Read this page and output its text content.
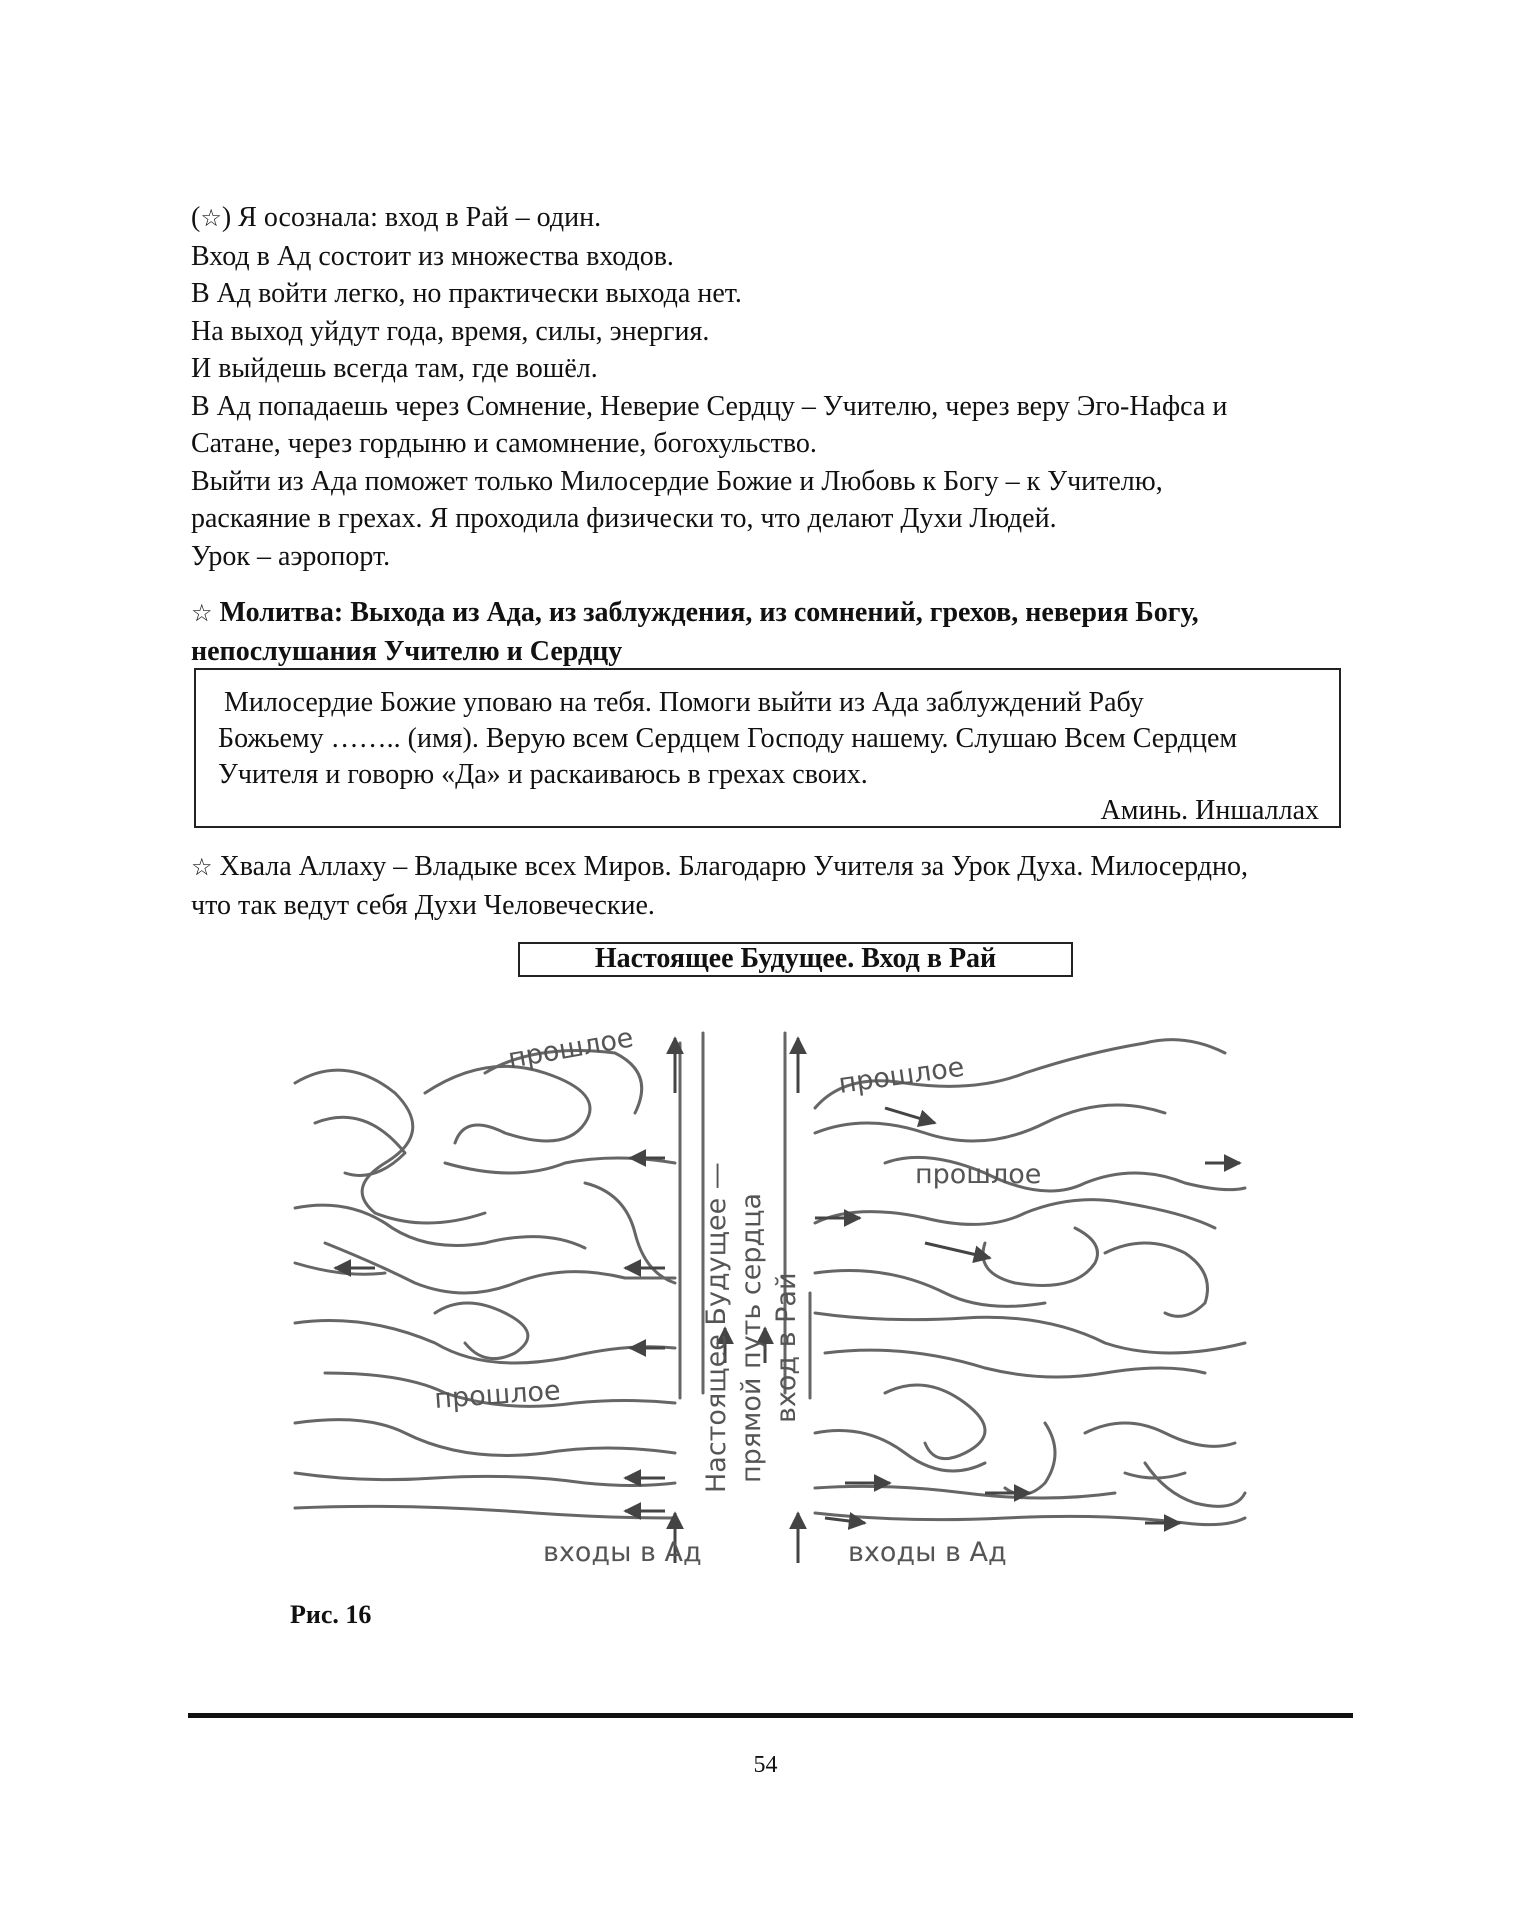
(☆) Я осознала: вход в Рай – один.
Вход в Ад состоит из множества входов.
В Ад войти легко, но практически выхода нет.
На выход уйдут года, время, силы, энергия.
И выйдешь всегда там, где вошёл.
В Ад попадаешь через Сомнение, Неверие Сердцу – Учителю, через веру Эго-Нафса и
Сатане, через гордыню и самомнение, богохульство.
Выйти из Ада поможет только Милосердие Божие и Любовь к Богу – к Учителю,
раскаяние в грехах. Я проходила физически то, что делают Духи Людей.
Урок – аэропорт.
☆ Молитва: Выхода из Ада, из заблуждения, из сомнений, грехов, неверия Богу,
непослушания Учителю и Сердцу
Милосердие Божие уповаю на тебя. Помоги выйти из Ада заблуждений Рабу
Божьему …….. (имя). Верую всем Сердцем Господу нашему. Слушаю Всем Сердцем
Учителя и говорю «Да» и раскаиваюсь в грехах своих.
Аминь. Иншаллах
☆ Хвала Аллаху – Владыке всех Миров. Благодарю Учителя за Урок Духа. Милосердно,
что так ведут себя Духи Человеческие.
Настоящее Будущее. Вход в Рай
прошлое
прошлое
прошлое
прошлое
входы в Ад	входы в Ад
Настоящее Будущее — прямой путь сердца вход в Рай
Рис. 16
54
